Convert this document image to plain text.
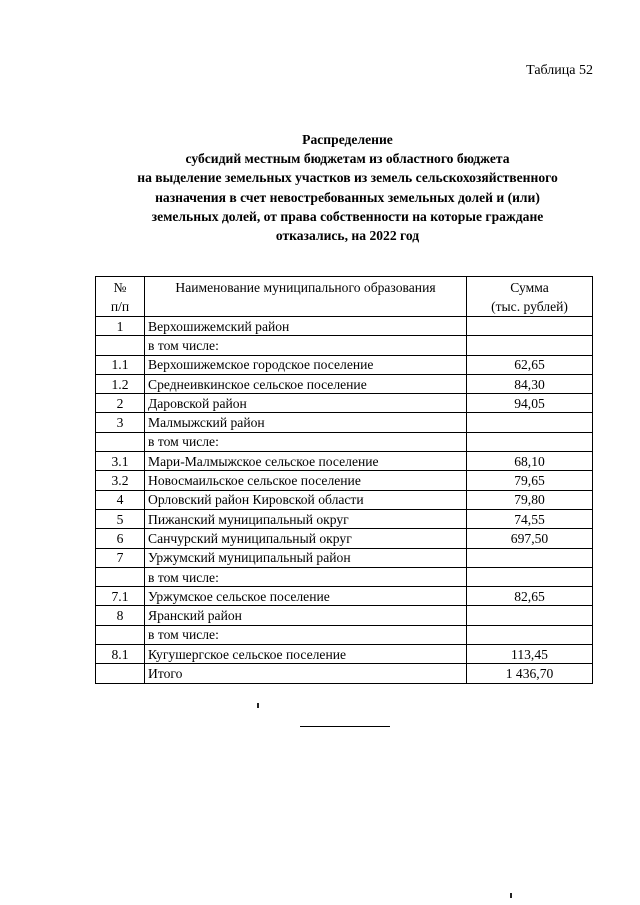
Таблица 52
Распределение
субсидий местным бюджетам из областного бюджета
на выделение земельных участков из земель сельскохозяйственного
назначения в счет невостребованных земельных долей и (или)
земельных долей, от права собственности на которые граждане
отказались, на 2022 год
№ п/п	Наименование муниципального образования	Сумма
(тыс. рублей)

1	Верхошижемский район	
	в том числе:	
1.1	Верхошижемское городское поселение	62,65
1.2	Среднеивкинское сельское поселение	84,30
2	Даровской район	94,05
3	Малмыжский район	
	в том числе:	
3.1	Мари-Малмыжское сельское поселение	68,10
3.2	Новосмаильское сельское поселение	79,65
4	Орловский район Кировской области	79,80
5	Пижанский муниципальный округ	74,55
6	Санчурский муниципальный округ	697,50
7	Уржумский муниципальный район	
	в том числе:	
7.1	Уржумское сельское поселение	82,65
8	Яранский район	
	в том числе:	
8.1	Кугушергское сельское поселение	113,45
	Итого	1 436,70
